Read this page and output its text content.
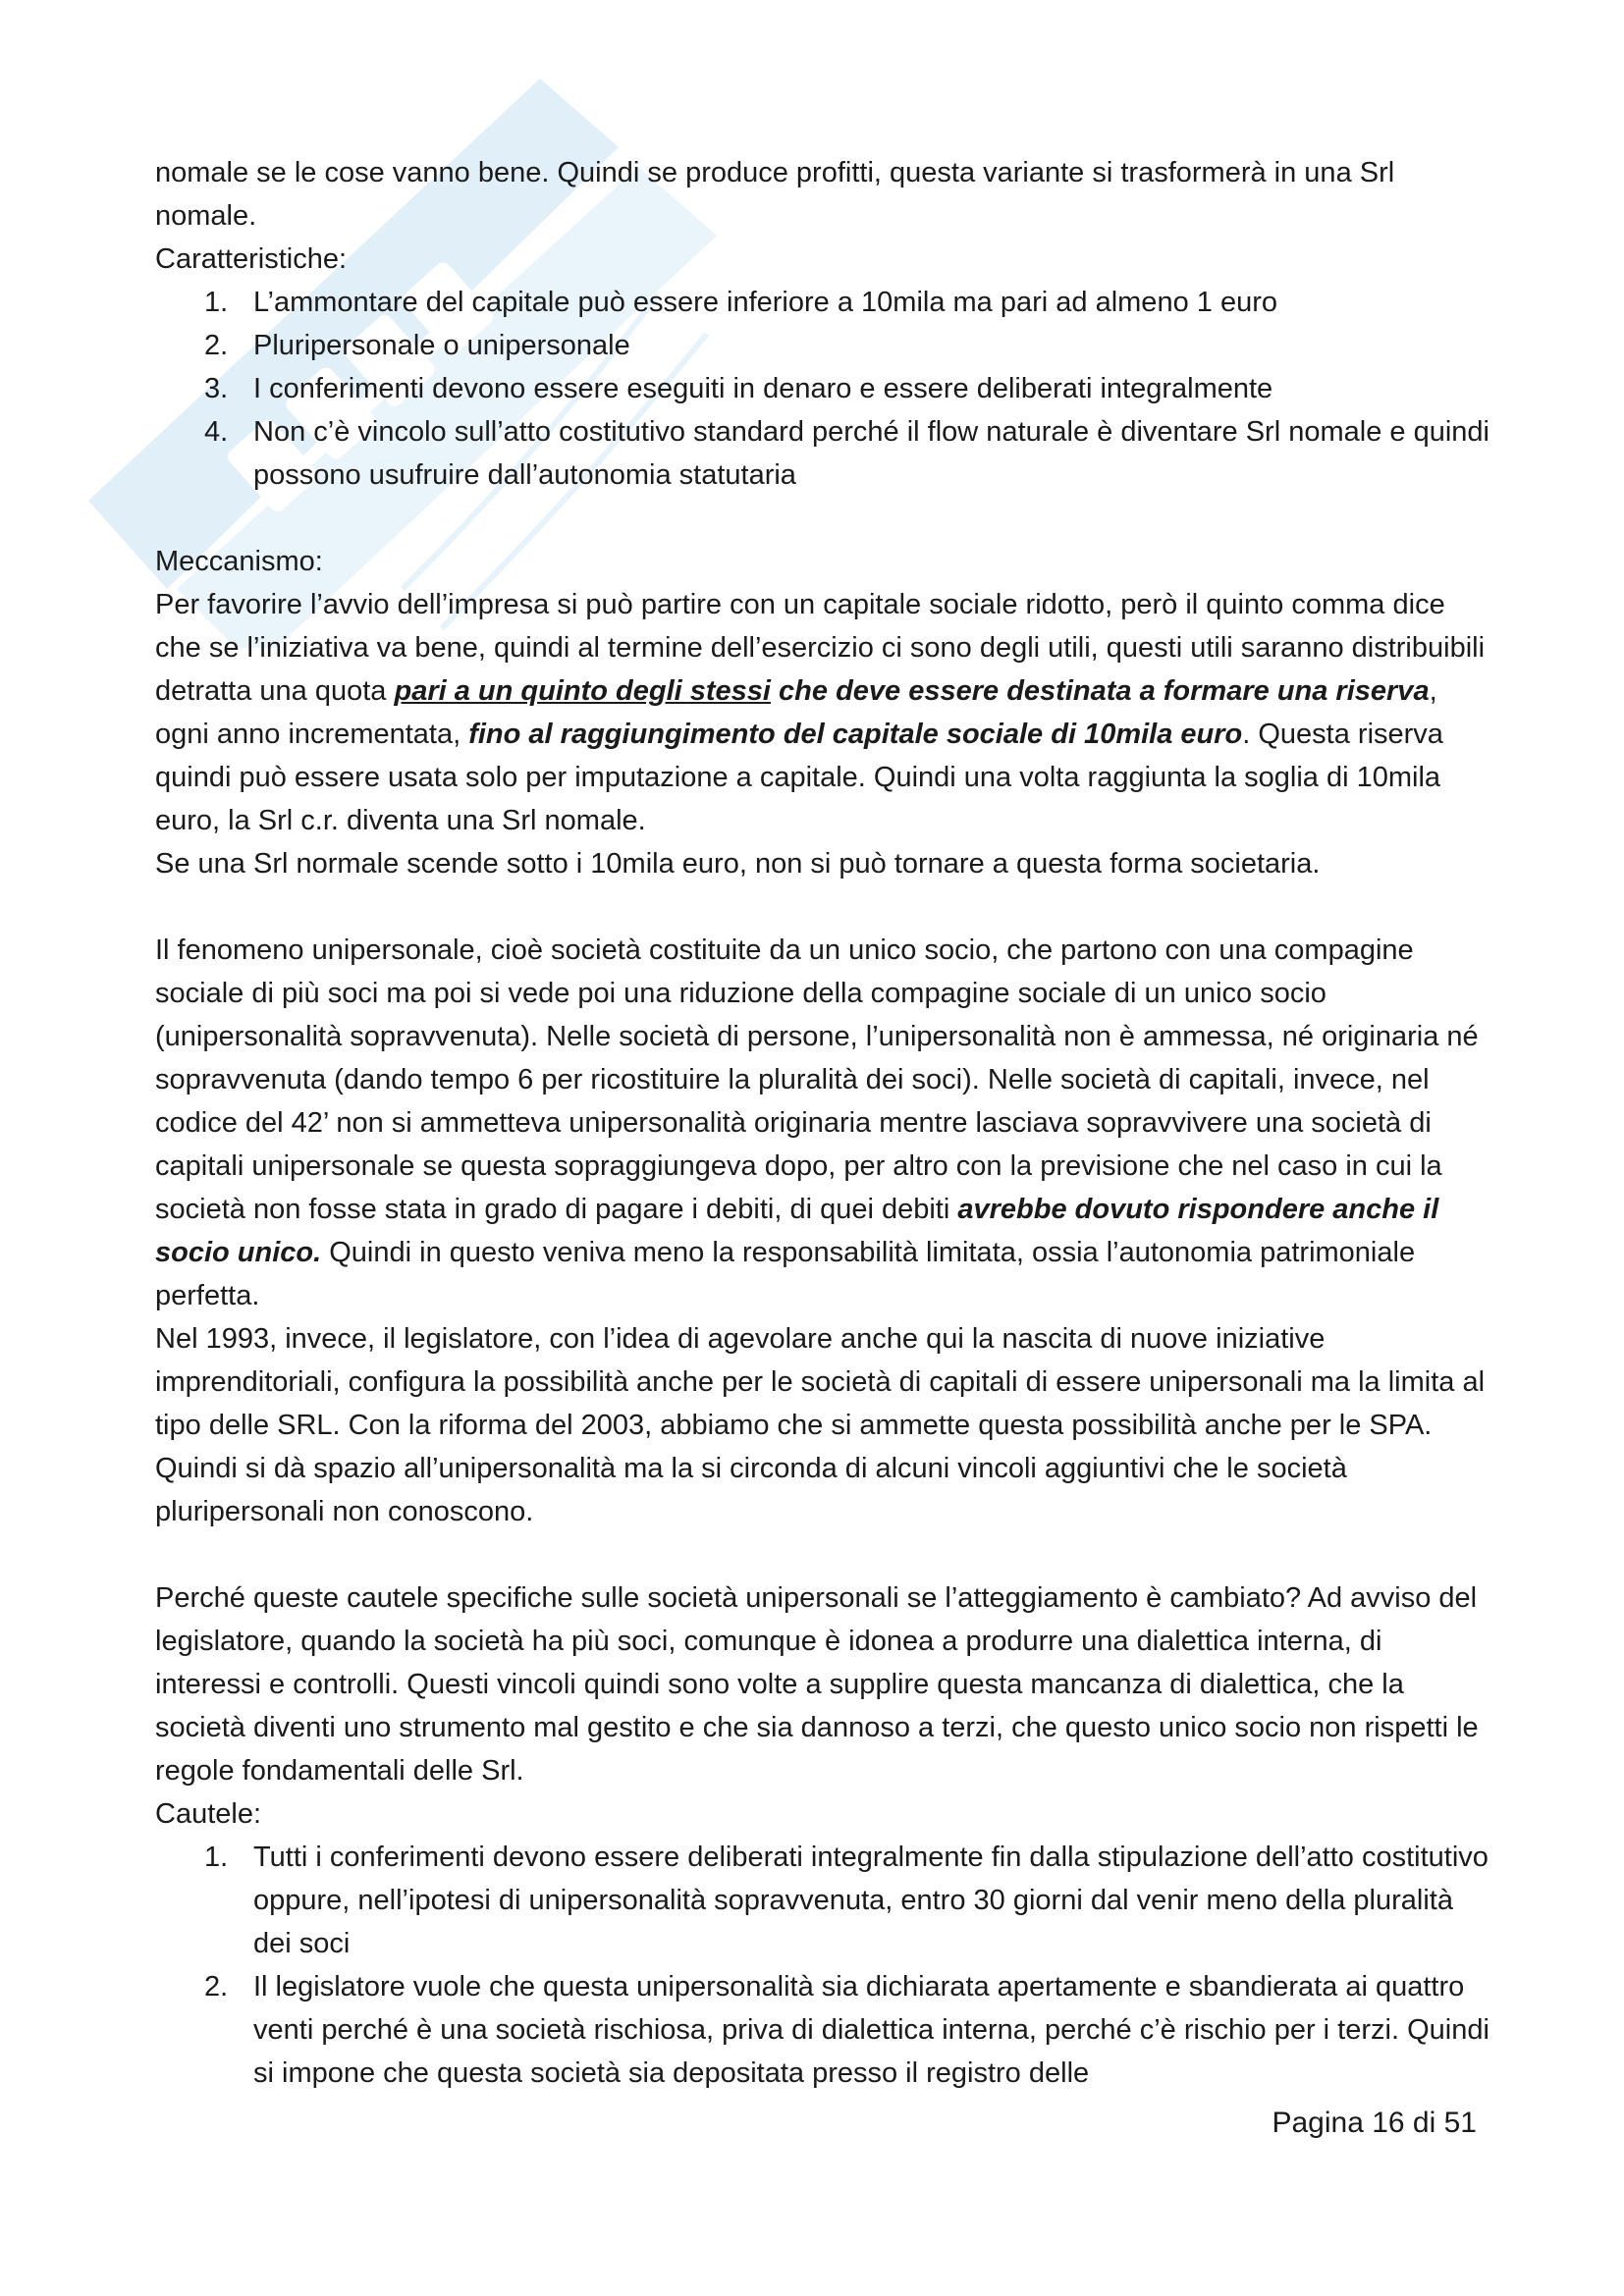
nomale se le cose vanno bene. Quindi se produce profitti, questa variante si trasformerà in una Srl nomale.

Caratteristiche:

1. L’ammontare del capitale può essere inferiore a 10mila ma pari ad almeno 1 euro
2. Pluripersonale o unipersonale
3. I conferimenti devono essere eseguiti in denaro e essere deliberati integralmente
4. Non c’è vincolo sull’atto costitutivo standard perché il flow naturale è diventare Srl nomale e quindi possono usufruire dall’autonomia statutaria

Meccanismo:

Per favorire l’avvio dell’impresa si può partire con un capitale sociale ridotto, però il quinto comma dice che se l’iniziativa va bene, quindi al termine dell’esercizio ci sono degli utili, questi utili saranno distribuibili detratta una quota pari a un quinto degli stessi che deve essere destinata a formare una riserva, ogni anno incrementata, fino al raggiungimento del capitale sociale di 10mila euro. Questa riserva quindi può essere usata solo per imputazione a capitale. Quindi una volta raggiunta la soglia di 10mila euro, la Srl c.r. diventa una Srl nomale.

Se una Srl normale scende sotto i 10mila euro, non si può tornare a questa forma societaria.

Il fenomeno unipersonale, cioè società costituite da un unico socio, che partono con una compagine sociale di più soci ma poi si vede poi una riduzione della compagine sociale di un unico socio (unipersonalità sopravvenuta). Nelle società di persone, l’unipersonalità non è ammessa, né originaria né sopravvenuta (dando tempo 6 per ricostituire la pluralità dei soci). Nelle società di capitali, invece, nel codice del 42’ non si ammetteva unipersonalità originaria mentre lasciava sopravvivere una società di capitali unipersonale se questa sopraggiungeva dopo, per altro con la previsione che nel caso in cui la società non fosse stata in grado di pagare i debiti, di quei debiti avrebbe dovuto rispondere anche il socio unico. Quindi in questo veniva meno la responsabilità limitata, ossia l’autonomia patrimoniale perfetta.

Nel 1993, invece, il legislatore, con l’idea di agevolare anche qui la nascita di nuove iniziative imprenditoriali, configura la possibilità anche per le società di capitali di essere unipersonali ma la limita al tipo delle SRL. Con la riforma del 2003, abbiamo che si ammette questa possibilità anche per le SPA. Quindi si dà spazio all’unipersonalità ma la si circonda di alcuni vincoli aggiuntivi che le società pluripersonali non conoscono.

Perché queste cautele specifiche sulle società unipersonali se l’atteggiamento è cambiato? Ad avviso del legislatore, quando la società ha più soci, comunque è idonea a produrre una dialettica interna, di interessi e controlli. Questi vincoli quindi sono volte a supplire questa mancanza di dialettica, che la società diventi uno strumento mal gestito e che sia dannoso a terzi, che questo unico socio non rispetti le regole fondamentali delle Srl.

Cautele:

1. Tutti i conferimenti devono essere deliberati integralmente fin dalla stipulazione dell’atto costitutivo oppure, nell’ipotesi di unipersonalità sopravvenuta, entro 30 giorni dal venir meno della pluralità dei soci
2. Il legislatore vuole che questa unipersonalità sia dichiarata apertamente e sbandierata ai quattro venti perché è una società rischiosa, priva di dialettica interna, perché c’è rischio per i terzi. Quindi si impone che questa società sia depositata presso il registro delle
Pagina 16 di 51
